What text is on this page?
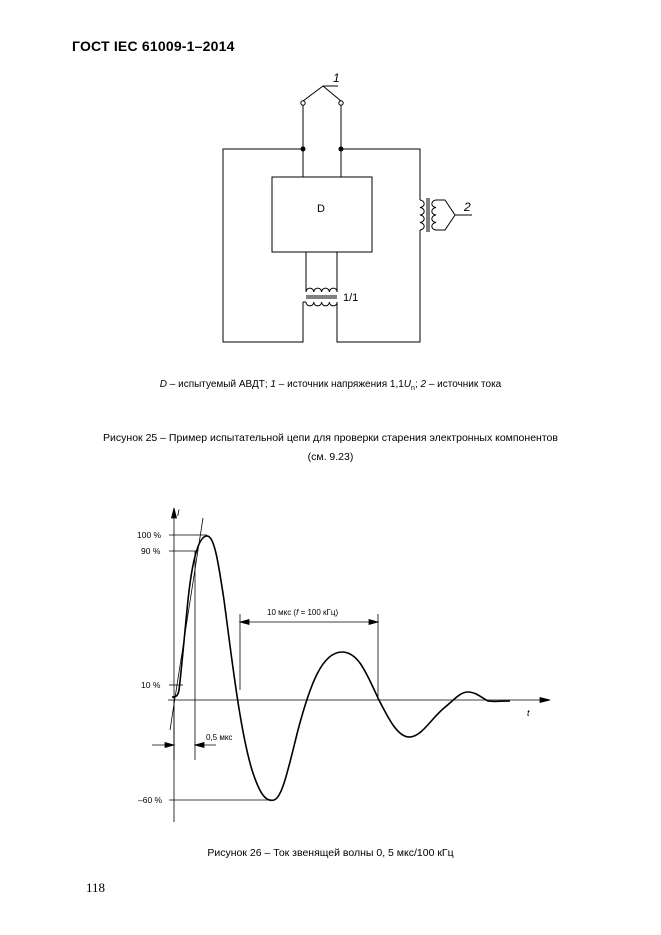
ГОСТ IEC 61009-1–2014
1
2
D
1/1
D – испытуемый АВДТ; 1 – источник напряжения $1,1U_n$; 2 – источник тока
Рисунок 25 – Пример испытательной цепи для проверки старения электронных компонентов
(см. 9.23)
I
t
100 %
90 %
10 %
–60 %
0,5 мкс
10 мкс (f = 100 кГц)
Рисунок 26 – Ток звенящей волны 0, 5 мкс/100 кГц
118
